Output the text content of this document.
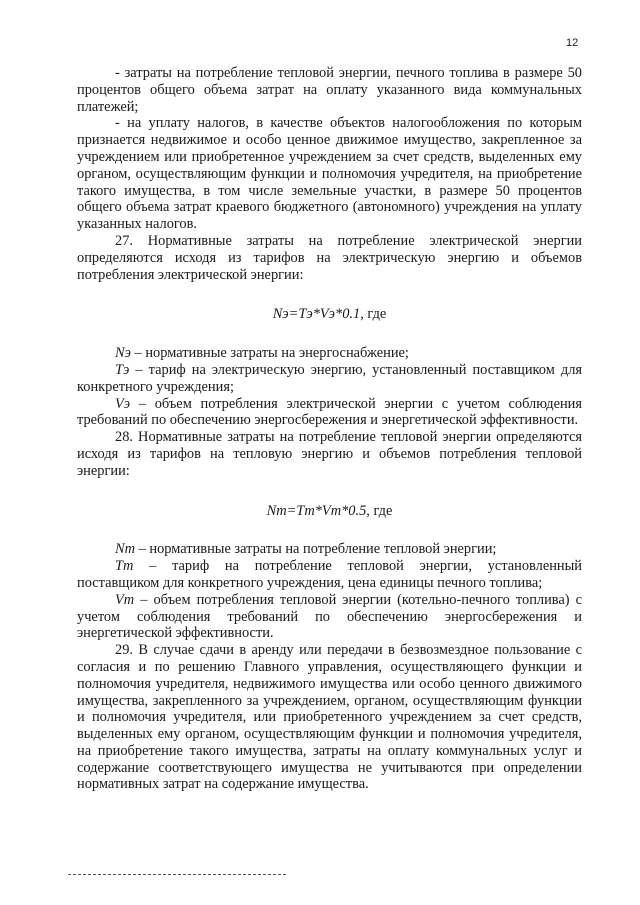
12

- затраты на потребление тепловой энергии, печного топлива в размере 50 процентов общего объема затрат на оплату указанного вида коммунальных платежей;

- на уплату налогов, в качестве объектов налогообложения по которым признается недвижимое и особо ценное движимое имущество, закрепленное за учреждением или приобретенное учреждением за счет средств, выделенных ему органом, осуществляющим функции и полномочия учредителя, на приобретение такого имущества, в том числе земельные участки, в размере 50 процентов общего объема затрат краевого бюджетного (автономного) учреждения на уплату указанных налогов.

27. Нормативные затраты на потребление электрической энергии определяются исходя из тарифов на электрическую энергию и объемов потребления электрической энергии:

Nэ=Tэ*Vэ*0.1, где

Nэ – нормативные затраты на энергоснабжение;

Tэ – тариф на электрическую энергию, установленный поставщиком для конкретного учреждения;

Vэ – объем потребления электрической энергии с учетом соблюдения требований по обеспечению энергосбережения и энергетической эффективности.

28. Нормативные затраты на потребление тепловой энергии определяются исходя из тарифов на тепловую энергию и объемов потребления тепловой энергии:

Nт=Tт*Vт*0.5, где

Nт – нормативные затраты на потребление тепловой энергии;

Tт – тариф на потребление тепловой энергии, установленный поставщиком для конкретного учреждения, цена единицы печного топлива;

Vт – объем потребления тепловой энергии (котельно-печного топлива) с учетом соблюдения требований по обеспечению энергосбережения и энергетической эффективности.

29. В случае сдачи в аренду или передачи в безвозмездное пользование с согласия и по решению Главного управления, осуществляющего функции и полномочия учредителя, недвижимого имущества или особо ценного движимого имущества, закрепленного за учреждением, органом, осуществляющим функции и полномочия учредителя, или приобретенного учреждением за счет средств, выделенных ему органом, осуществляющим функции и полномочия учредителя, на приобретение такого имущества, затраты на оплату коммунальных услуг и содержание соответствующего имущества не учитываются при определении нормативных затрат на содержание имущества.
